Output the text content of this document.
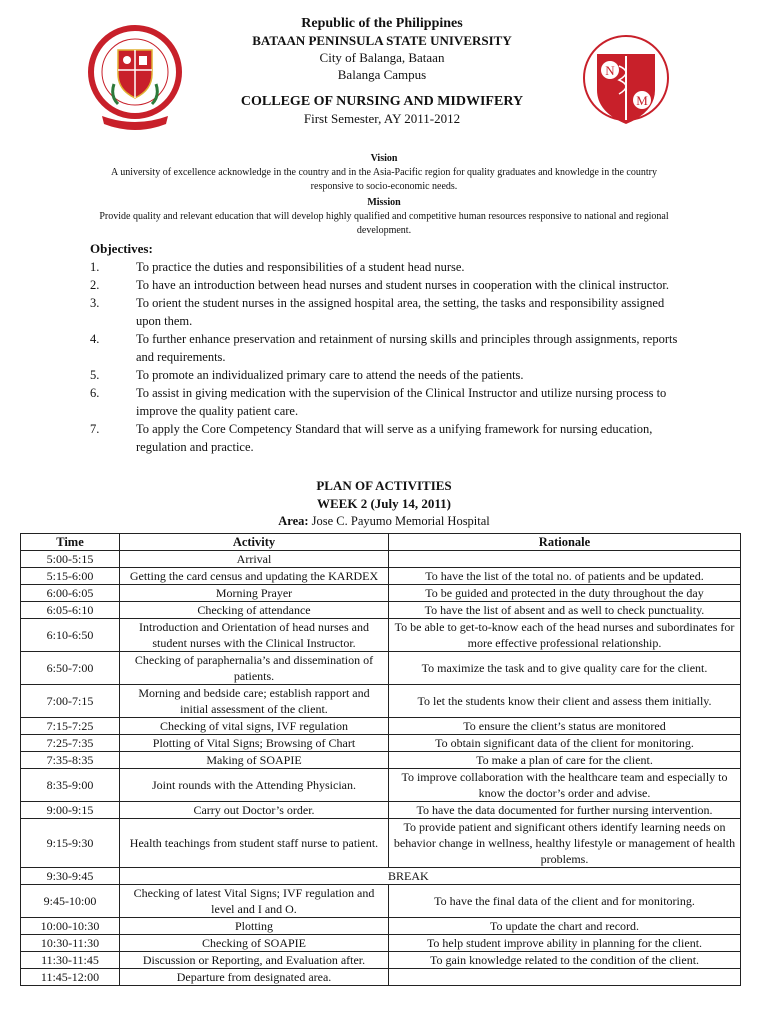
N
M
Republic of the Philippines
BATAAN PENINSULA STATE UNIVERSITY
City of Balanga, Bataan
Balanga Campus
COLLEGE OF NURSING AND MIDWIFERY
First Semester, AY 2011-2012
Vision
A university of excellence acknowledge in the country and in the Asia-Pacific region for quality graduates and knowledge in the country responsive to socio-economic needs.
Mission
Provide quality and relevant education that will develop highly qualified and competitive human resources responsive to national and regional development.
Objectives:
1.	To practice the duties and responsibilities of a student head nurse.
2.	To have an introduction between head nurses and student nurses in cooperation with the clinical instructor.
3.	To orient the student nurses in the assigned hospital area, the setting, the tasks and responsibility assigned upon them.
4.	To further enhance preservation and retainment of nursing skills and principles through assignments, reports and requirements.
5.	To promote an individualized primary care to attend the needs of the patients.
6.	To assist in giving medication with the supervision of the Clinical Instructor and utilize nursing process to improve the quality patient care.
7.	To apply the Core Competency Standard that will serve as a unifying framework for nursing education, regulation and practice.
PLAN OF ACTIVITIES
WEEK 2 (July 14, 2011)
Area: Jose C. Payumo Memorial Hospital
Time	Activity	Rationale
5:00-5:15	Arrival	
5:15-6:00	Getting the card census and updating the KARDEX	To have the list of the total no. of patients and be updated.
6:00-6:05	Morning Prayer	To be guided and protected in the duty throughout the day
6:05-6:10	Checking of attendance	To have the list of absent and as well to check punctuality.
6:10-6:50	Introduction and Orientation of head nurses and student nurses with the Clinical Instructor.	To be able to get-to-know each of the head nurses and subordinates for more effective professional relationship.
6:50-7:00	Checking of paraphernalia’s and dissemination of patients.	To maximize the task and to give quality care for the client.
7:00-7:15	Morning and bedside care; establish rapport and initial assessment of the client.	To let the students know their client and assess them initially.
7:15-7:25	Checking of vital signs, IVF regulation	To ensure the client’s status are monitored
7:25-7:35	Plotting of Vital Signs; Browsing of Chart	To obtain significant data of the client for monitoring.
7:35-8:35	Making of SOAPIE	To make a plan of care for the client.
8:35-9:00	Joint rounds with the Attending Physician.	To improve collaboration with the healthcare team and especially to know the doctor’s order and advise.
9:00-9:15	Carry out Doctor’s order.	To have the data documented for further nursing intervention.
9:15-9:30	Health teachings from student staff nurse to patient.	To provide patient and significant others identify learning needs on behavior change in wellness, healthy lifestyle or management of health problems.
9:30-9:45	BREAK	
9:45-10:00	Checking of latest Vital Signs; IVF regulation and level and I and O.	To have the final data of the client and for monitoring.
10:00-10:30	Plotting	To update the chart and record.
10:30-11:30	Checking of SOAPIE	To help student improve ability in planning for the client.
11:30-11:45	Discussion or Reporting, and Evaluation after.	To gain knowledge related to the condition of the client.
11:45-12:00	Departure from designated area.	
